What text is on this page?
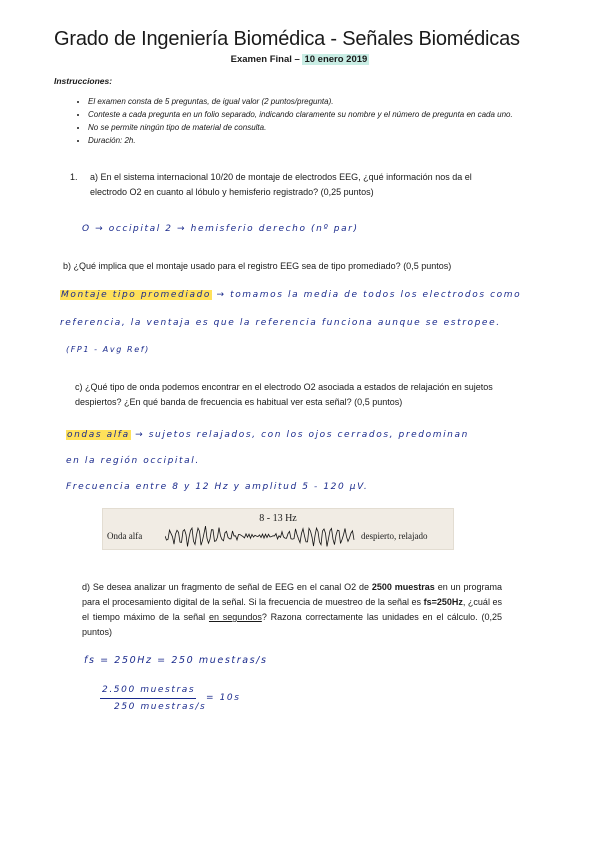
Grado de Ingeniería Biomédica - Señales Biomédicas
Examen Final – 10 enero 2019
Instrucciones:
• El examen consta de 5 preguntas, de igual valor (2 puntos/pregunta).
• Conteste a cada pregunta en un folio separado, indicando claramente su nombre y el número de pregunta en cada uno.
• No se permite ningún tipo de material de consulta.
• Duración: 2h.
1. a) En el sistema internacional 10/20 de montaje de electrodos EEG, ¿qué información nos da el electrodo O2 en cuanto al lóbulo y hemisferio registrado? (0,25 puntos)
O → occipital 2 → hemisferio derecho (nº par)
b) ¿Qué implica que el montaje usado para el registro EEG sea de tipo promediado? (0,5 puntos)
Montaje tipo promediado → tomamos la media de todos los electrodos como
referencia, la ventaja es que la referencia funciona aunque se estropee.
(FP1 - Avg Ref)
c) ¿Qué tipo de onda podemos encontrar en el electrodo O2 asociada a estados de relajación en sujetos despiertos? ¿En qué banda de frecuencia es habitual ver esta señal? (0,5 puntos)
ondas alfa → sujetos relajados, con los ojos cerrados, predominan
en la región occipital.
Frecuencia entre 8 y 12 Hz y amplitud 5 - 120 μV.
8 - 13 Hz
Onda alfa	despierto, relajado
d) Se desea analizar un fragmento de señal de EEG en el canal O2 de 2500 muestras en un programa para el procesamiento digital de la señal. Si la frecuencia de muestreo de la señal es fs=250Hz, ¿cuál es el tiempo máximo de la señal en segundos? Razona correctamente las unidades en el cálculo. (0,25 puntos)
fs = 250Hz = 250 muestras/s
2.500 muestras
250 muestras/s
= 10s
